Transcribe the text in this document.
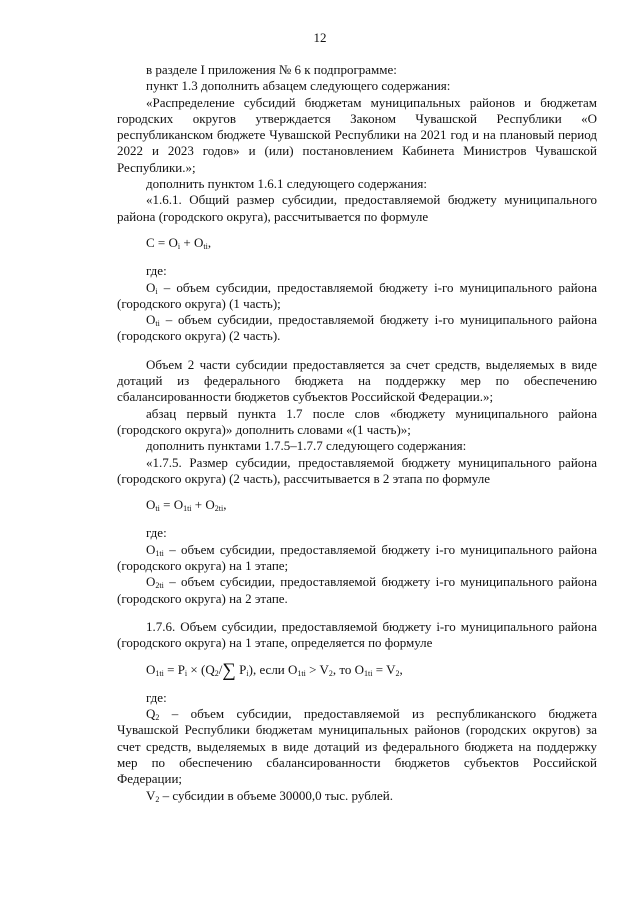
12

в разделе I приложения № 6 к подпрограмме:

пункт 1.3 дополнить абзацем следующего содержания:

«Распределение субсидий бюджетам муниципальных районов и бюджетам городских округов утверждается Законом Чувашской Республики «О республиканском бюджете Чувашской Республики на 2021 год и на плановый период 2022 и 2023 годов» и (или) постановлением Кабинета Министров Чувашской Республики.»;

дополнить пунктом 1.6.1 следующего содержания:

«1.6.1. Общий размер субсидии, предоставляемой бюджету муниципального района (городского округа), рассчитывается по формуле

$C = O_i + O_{ti}$,

где:

$O_i$ – объем субсидии, предоставляемой бюджету i-го муниципального района (городского округа) (1 часть);

$O_{ti}$ – объем субсидии, предоставляемой бюджету i-го муниципального района (городского округа) (2 часть).

Объем 2 части субсидии предоставляется за счет средств, выделяемых в виде дотаций из федерального бюджета на поддержку мер по обеспечению сбалансированности бюджетов субъектов Российской Федерации.»;

абзац первый пункта 1.7 после слов «бюджету муниципального района (городского округа)» дополнить словами «(1 часть)»;

дополнить пунктами 1.7.5–1.7.7 следующего содержания:

«1.7.5. Размер субсидии, предоставляемой бюджету муниципального района (городского округа) (2 часть), рассчитывается в 2 этапа по формуле

$O_{ti} = O_{1ti} + O_{2ti}$,

где:

$O_{1ti}$ – объем субсидии, предоставляемой бюджету i-го муниципального района (городского округа) на 1 этапе;

$O_{2ti}$ – объем субсидии, предоставляемой бюджету i-го муниципального района (городского округа) на 2 этапе.

1.7.6. Объем субсидии, предоставляемой бюджету i-го муниципального района (городского округа) на 1 этапе, определяется по формуле

$O_{1ti} = P_i \times (Q_2/\sum$ $P_i$), если $O_{1ti} > V_2$, то $O_{1ti} = V_2$,

где:

$Q_2$ – объем субсидии, предоставляемой из республиканского бюджета Чувашской Республики бюджетам муниципальных районов (городских округов) за счет средств, выделяемых в виде дотаций из федерального бюджета на поддержку мер по обеспечению сбалансированности бюджетов субъектов Российской Федерации;

$V_2$ – субсидии в объеме 30000,0 тыс. рублей.
